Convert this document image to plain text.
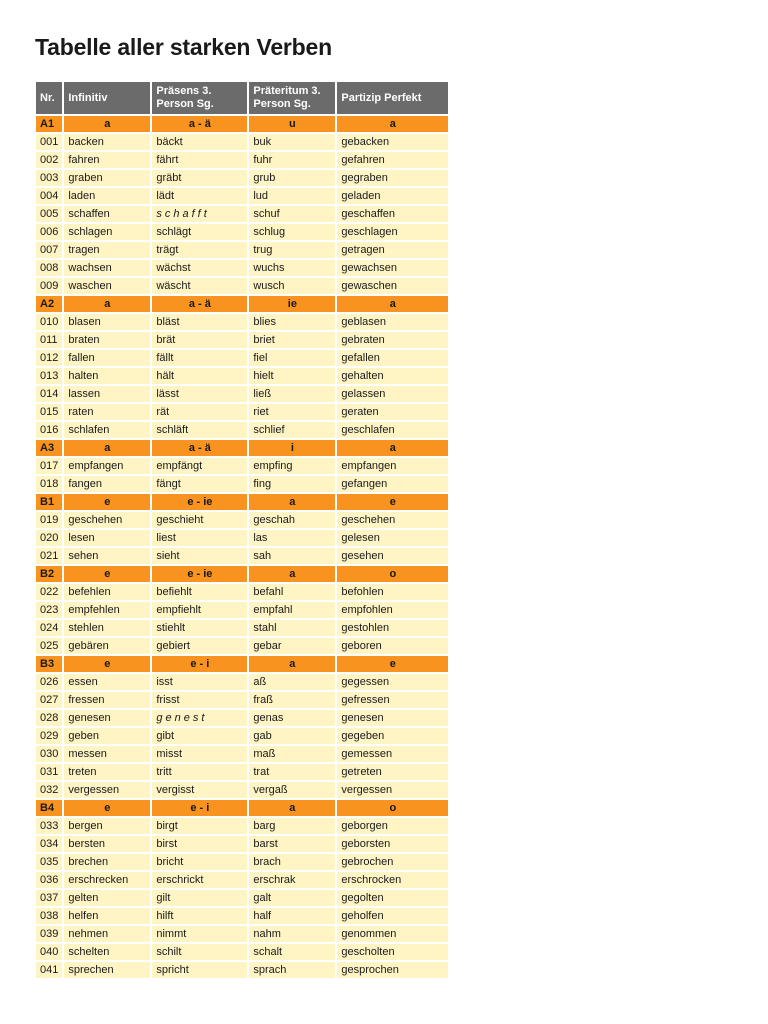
Tabelle aller starken Verben
Nr.	Infinitiv	Präsens 3. Person Sg.	Präteritum 3. Person Sg.	Partizip Perfekt
A1	a	a - ä	u	a
001	backen	bäckt	buk	gebacken
002	fahren	fährt	fuhr	gefahren
003	graben	gräbt	grub	gegraben
004	laden	lädt	lud	geladen
005	schaffen	schafft	schuf	geschaffen
006	schlagen	schlägt	schlug	geschlagen
007	tragen	trägt	trug	getragen
008	wachsen	wächst	wuchs	gewachsen
009	waschen	wäscht	wusch	gewaschen
A2	a	a - ä	ie	a
010	blasen	bläst	blies	geblasen
011	braten	brät	briet	gebraten
012	fallen	fällt	fiel	gefallen
013	halten	hält	hielt	gehalten
014	lassen	lässt	ließ	gelassen
015	raten	rät	riet	geraten
016	schlafen	schläft	schlief	geschlafen
A3	a	a - ä	i	a
017	empfangen	empfängt	empfing	empfangen
018	fangen	fängt	fing	gefangen
B1	e	e - ie	a	e
019	geschehen	geschieht	geschah	geschehen
020	lesen	liest	las	gelesen
021	sehen	sieht	sah	gesehen
B2	e	e - ie	a	o
022	befehlen	befiehlt	befahl	befohlen
023	empfehlen	empfiehlt	empfahl	empfohlen
024	stehlen	stiehlt	stahl	gestohlen
025	gebären	gebiert	gebar	geboren
B3	e	e - i	a	e
026	essen	isst	aß	gegessen
027	fressen	frisst	fraß	gefressen
028	genesen	genest	genas	genesen
029	geben	gibt	gab	gegeben
030	messen	misst	maß	gemessen
031	treten	tritt	trat	getreten
032	vergessen	vergisst	vergaß	vergessen
B4	e	e - i	a	o
033	bergen	birgt	barg	geborgen
034	bersten	birst	barst	geborsten
035	brechen	bricht	brach	gebrochen
036	erschrecken	erschrickt	erschrak	erschrocken
037	gelten	gilt	galt	gegolten
038	helfen	hilft	half	geholfen
039	nehmen	nimmt	nahm	genommen
040	schelten	schilt	schalt	gescholten
041	sprechen	spricht	sprach	gesprochen
